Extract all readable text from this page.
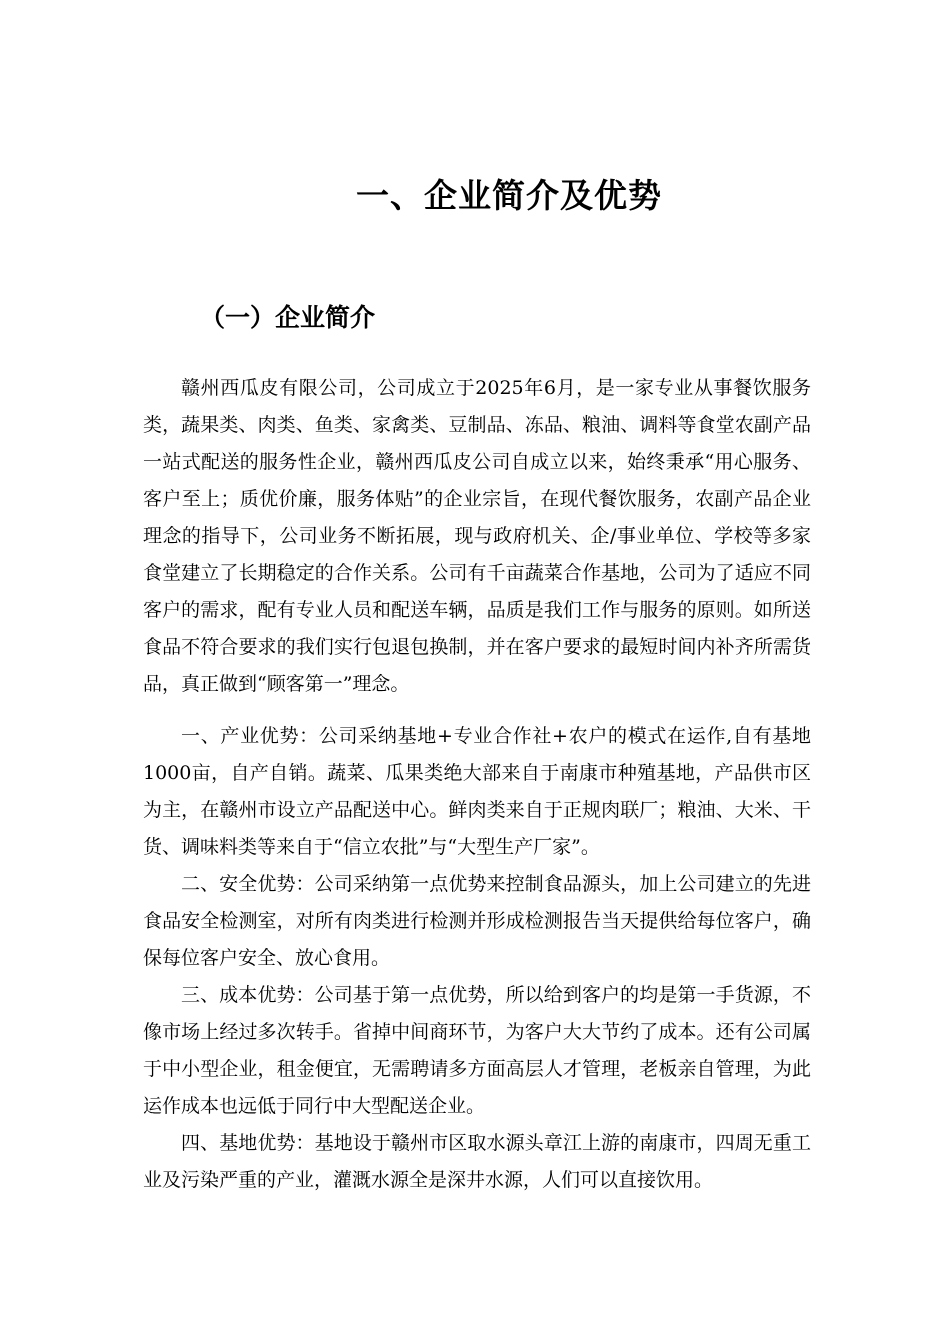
一、企业简介及优势
（一）企业简介

赣州西瓜皮有限公司，公司成立于2025年6月，是一家专业从事餐饮服务类，蔬果类、肉类、鱼类、家禽类、豆制品、冻品、粮油、调料等食堂农副产品一站式配送的服务性企业，赣州西瓜皮公司自成立以来，始终秉承“用心服务、客户至上；质优价廉，服务体贴”的企业宗旨，在现代餐饮服务，农副产品企业理念的指导下，公司业务不断拓展，现与政府机关、企/事业单位、学校等多家食堂建立了长期稳定的合作关系。公司有千亩蔬菜合作基地，公司为了适应不同客户的需求，配有专业人员和配送车辆，品质是我们工作与服务的原则。如所送食品不符合要求的我们实行包退包换制，并在客户要求的最短时间内补齐所需货品，真正做到“顾客第一”理念。

一、产业优势：公司采纳基地+专业合作社+农户的模式在运作,自有基地1000亩，自产自销。蔬菜、瓜果类绝大部来自于南康市种殖基地，产品供市区为主，在赣州市设立产品配送中心。鲜肉类来自于正规肉联厂；粮油、大米、干货、调味料类等来自于“信立农批”与“大型生产厂家”。

二、安全优势：公司采纳第一点优势来控制食品源头，加上公司建立的先进食品安全检测室，对所有肉类进行检测并形成检测报告当天提供给每位客户，确保每位客户安全、放心食用。

三、成本优势：公司基于第一点优势，所以给到客户的均是第一手货源，不像市场上经过多次转手。省掉中间商环节，为客户大大节约了成本。还有公司属于中小型企业，租金便宜，无需聘请多方面高层人才管理，老板亲自管理，为此运作成本也远低于同行中大型配送企业。

四、基地优势：基地设于赣州市区取水源头章江上游的南康市，四周无重工业及污染严重的产业，灌溉水源全是深井水源，人们可以直接饮用。
